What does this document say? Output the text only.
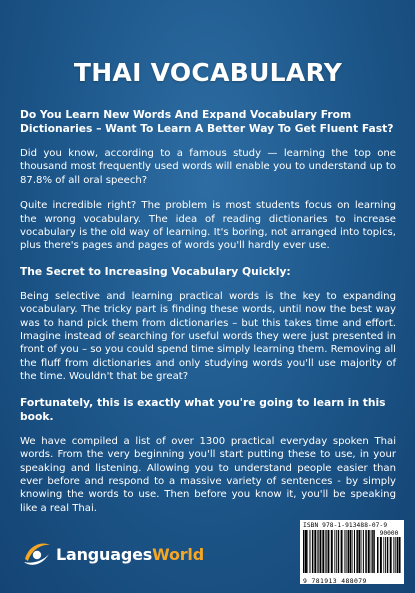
THAI VOCABULARY

Do You Learn New Words And Expand Vocabulary From Dictionaries – Want To Learn A Better Way To Get Fluent Fast?

Did you know, according to a famous study — learning the top one thousand most frequently used words will enable you to understand up to 87.8% of all oral speech?

Quite incredible right? The problem is most students focus on learning the wrong vocabulary. The idea of reading dictionaries to increase vocabulary is the old way of learning. It's boring, not arranged into topics, plus there's pages and pages of words you'll hardly ever use.

The Secret to Increasing Vocabulary Quickly:

Being selective and learning practical words is the key to expanding vocabulary. The tricky part is finding these words, until now the best way was to hand pick them from dictionaries – but this takes time and effort. Imagine instead of searching for useful words they were just presented in front of you – so you could spend time simply learning them. Removing all the fluff from dictionaries and only studying words you'll use majority of the time. Wouldn't that be great?

Fortunately, this is exactly what you're going to learn in this book.

We have compiled a list of over 1300 practical everyday spoken Thai words. From the very beginning you'll start putting these to use, in your speaking and listening. Allowing you to understand people easier than ever before and respond to a massive variety of sentences - by simply knowing the words to use. Then before you know it, you'll be speaking like a real Thai.

LanguagesWorld
ISBN 978-1-913488-07-9
90000
9 781913 488079
